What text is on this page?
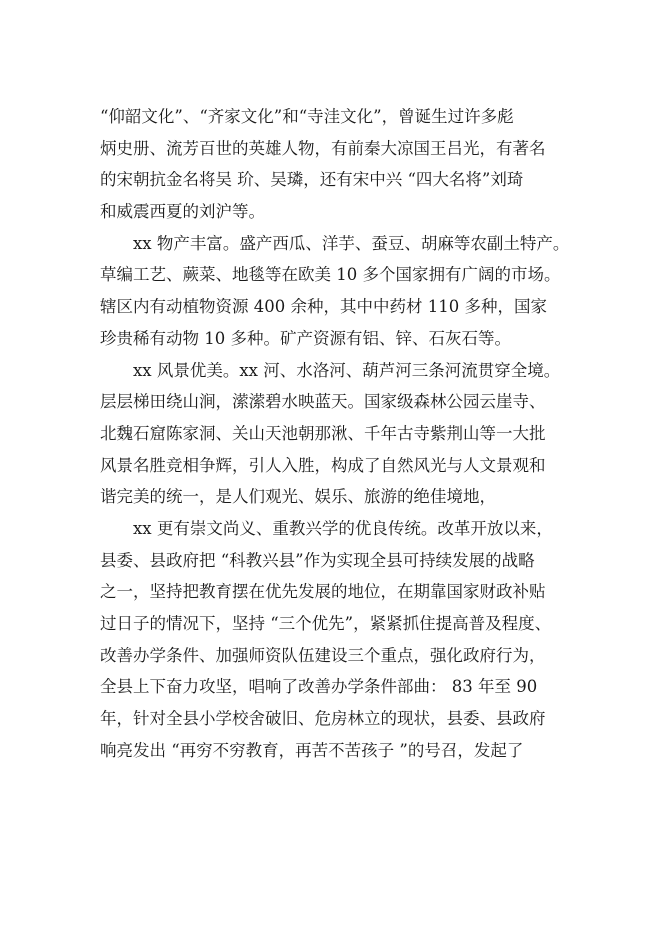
“仰韶文化”、“齐家文化”和“寺洼文化”，曾诞生过许多彪
炳史册、流芳百世的英雄人物，有前秦大凉国王吕光，有著名
的宋朝抗金名将吴 玠、吴璘，还有宋中兴 “四大名将”刘琦
和威震西夏的刘沪等。
xx 物产丰富。盛产西瓜、洋芋、蚕豆、胡麻等农副土特产。
草编工艺、蕨菜、地毯等在欧美 10 多个国家拥有广阔的市场。
辖区内有动植物资源 400 余种，其中中药材 110 多种，国家
珍贵稀有动物 10 多种。矿产资源有铝、锌、石灰石等。
xx 风景优美。xx 河、水洛河、葫芦河三条河流贯穿全境。
层层梯田绕山涧，潆潆碧水映蓝天。国家级森林公园云崖寺、
北魏石窟陈家洞、关山天池朝那湫、千年古寺紫荆山等一大批
风景名胜竞相争辉，引人入胜，构成了自然风光与人文景观和
谐完美的统一，是人们观光、娱乐、旅游的绝佳境地，
xx 更有崇文尚义、重教兴学的优良传统。改革开放以来，
县委、县政府把 “科教兴县”作为实现全县可持续发展的战略
之一，坚持把教育摆在优先发展的地位，在期靠国家财政补贴
过日子的情况下，坚持 “三个优先”，紧紧抓住提高普及程度、
改善办学条件、加强师资队伍建设三个重点，强化政府行为，
全县上下奋力攻坚，唱响了改善办学条件部曲： 83 年至 90
年，针对全县小学校舍破旧、危房林立的现状，县委、县政府
响亮发出 “再穷不穷教育，再苦不苦孩子 ”的号召，发起了
